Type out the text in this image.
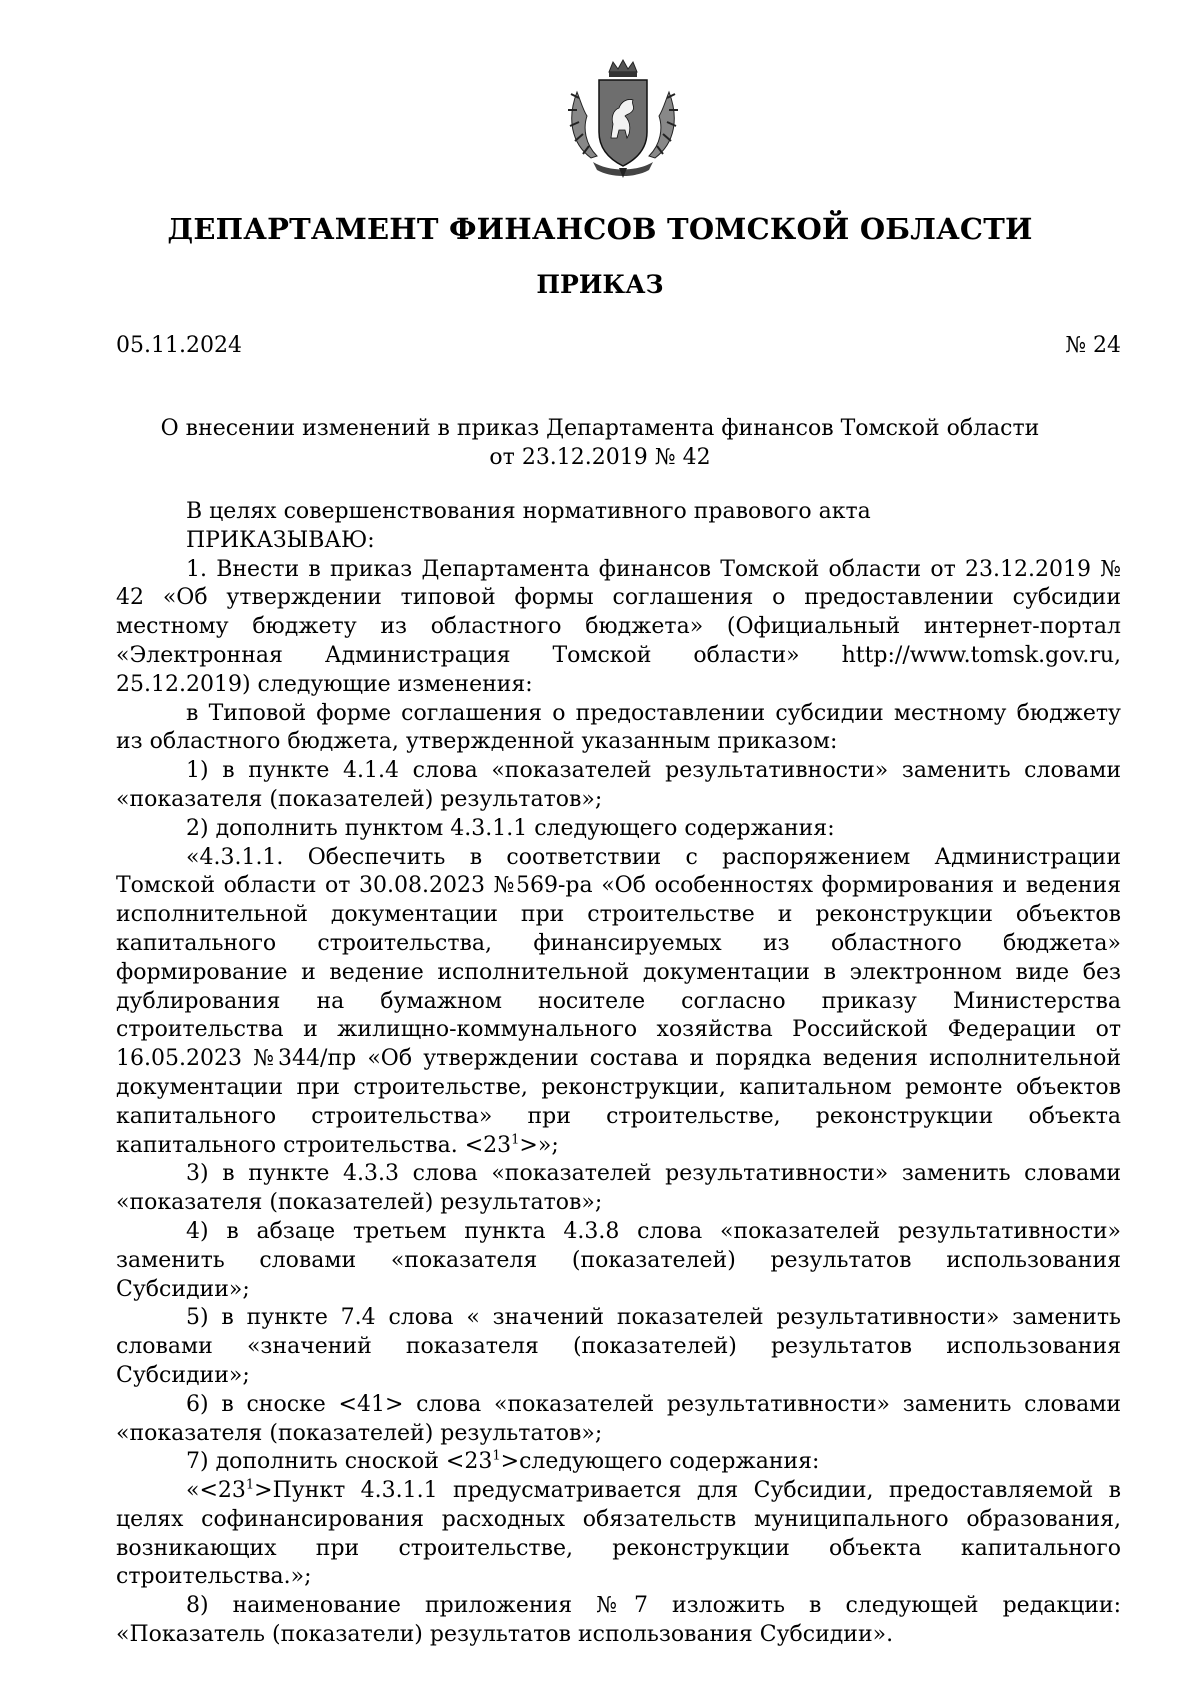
ДЕПАРТАМЕНТ ФИНАНСОВ ТОМСКОЙ ОБЛАСТИ
ПРИКАЗ
05.11.2024	№ 24
О внесении изменений в приказ Департамента финансов Томской области
от 23.12.2019 № 42

В целях совершенствования нормативного правового акта

ПРИКАЗЫВАЮ:

1. Внести в приказ Департамента финансов Томской области от 23.12.2019 № 42 «Об утверждении типовой формы соглашения о предоставлении субсидии местному бюджету из областного бюджета» (Официальный интернет-портал «Электронная Администрация Томской области» http://www.tomsk.gov.ru, 25.12.2019) следующие изменения:

в Типовой форме соглашения о предоставлении субсидии местному бюджету из областного бюджета, утвержденной указанным приказом:

1) в пункте 4.1.4 слова «показателей результативности» заменить словами «показателя (показателей) результатов»;

2) дополнить пунктом 4.3.1.1 следующего содержания:

«4.3.1.1. Обеспечить в соответствии с распоряжением Администрации Томской области от 30.08.2023 №569-ра «Об особенностях формирования и ведения исполнительной документации при строительстве и реконструкции объектов капитального строительства, финансируемых из областного бюджета» формирование и ведение исполнительной документации в электронном виде без дублирования на бумажном носителе согласно приказу Министерства строительства и жилищно-коммунального хозяйства Российской Федерации от 16.05.2023 №344/пр «Об утверждении состава и порядка ведения исполнительной документации при строительстве, реконструкции, капитальном ремонте объектов капитального строительства» при строительстве, реконструкции объекта капитального строительства. $<23^1>$»;

3) в пункте 4.3.3 слова «показателей результативности» заменить словами «показателя (показателей) результатов»;

4) в абзаце третьем пункта 4.3.8 слова «показателей результативности» заменить словами «показателя (показателей) результатов использования Субсидии»;

5) в пункте 7.4 слова « значений показателей результативности» заменить словами «значений показателя (показателей) результатов использования Субсидии»;

6) в сноске <41> слова «показателей результативности» заменить словами «показателя (показателей) результатов»;

7) дополнить сноской $<23^1>следующего$ содержания:

«$<23^1>Пункт$ 4.3.1.1 предусматривается для Субсидии, предоставляемой в целях софинансирования расходных обязательств муниципального образования, возникающих при строительстве, реконструкции объекта капитального строительства.»;

8) наименование приложения №7 изложить в следующей редакции: «Показатель (показатели) результатов использования Субсидии».
